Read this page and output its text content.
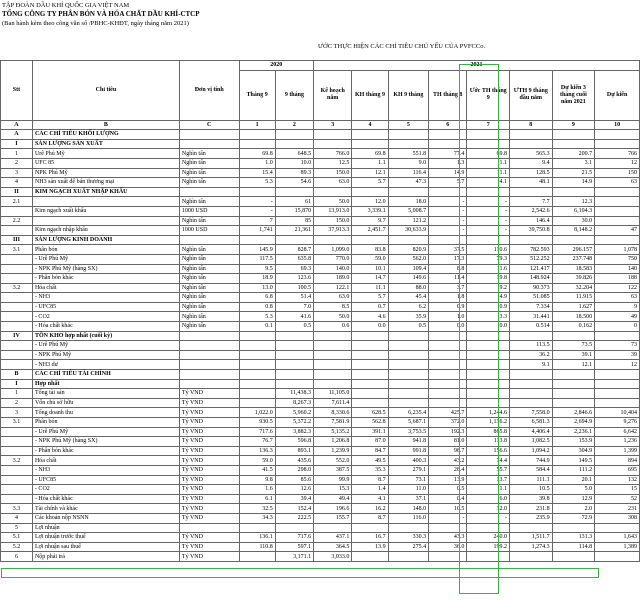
TẬP ĐOÀN DẦU KHÍ QUỐC GIA VIỆT NAM
TỔNG CÔNG TY PHÂN BÓN VÀ HÓA CHẤT DẦU KHÍ-CTCP
(Ban hành kèm theo công văn số /PBHC-KHĐT, ngày tháng năm 2021)
ƯỚC THỰC HIỆN CÁC CHỈ TIÊU CHỦ YẾU CỦA PVFCCo.
Stt	Chỉ tiêu	Đơn vị tính	2020		2021							
			Tháng 9	9 tháng	Kế hoạch năm	KH tháng 9	KH 9 tháng	TH tháng 8	Ước TH tháng 9	ƯTH 9 tháng đầu năm	Dự kiến 3 tháng cuối năm 2021	Dự kiến
A	B	C	1	2	3	4	5	6	7	8	9	10
A	CÁC CHỈ TIÊU KHỐI LƯỢNG											
I	SẢN LƯỢNG SẢN XUẤT											
1	Urê Phú Mỹ	Nghìn tấn	69.8	648.5	766.0	69.8	551.8	77.4	69.8	565.3	200.7	766
2	UFC 85	Nghìn tấn	1.0	10.0	12.5	1.1	9.0	1.3	1.1	9.4	3.1	12
3	NPK Phú Mỹ	Nghìn tấn	15.4	89.3	150.0	12.1	116.4	14.9	11.1	128.5	21.5	150
4	NH3 sản xuất để bán thương mại	Nghìn tấn	5.3	54.6	63.0	5.7	47.3	5.7	4.1	48.1	14.9	63
II	KIM NGẠCH XUẤT NHẬP KHẨU											
2.1		Nghìn tấn	-	61	50.0	12.0	18.0	-	-	7.7	12.3	
	Kim ngạch xuất khẩu	1000 USD	-	15,870	13,913.0	3,339.1	5,008.7	-	-	2,542.6	6,104.3	
2.2		Nghìn tấn	7	85	150.0	9.7	121.2	-	-	146.4	30.0	
	Kim ngạch nhập khẩu	1000 USD	1,741	21,361	37,913.3	2,451.7	30,633.9	-	-	39,750.8	8,148.2	47
III	SẢN LƯỢNG KINH DOANH											
3.1	Phân bón	Nghìn tấn	145.9	828.7	1,099.0	83.8	820.9	37.5	110.6	782.593	296.157	1,078
	- Urê Phú Mỹ	Nghìn tấn	117.5	635.8	770.0	59.0	562.0	17.3	79.3	512.252	237.748	750
	- NPK Phú Mỹ (hàng SX)	Nghìn tấn	9.5	69.3	140.0	10.1	109.4	8.8	11.6	121.417	18.583	140
	- Phân bón khác	Nghìn tấn	18.9	123.6	189.0	14.7	149.6	11.4	19.8	148.924	39.826	188
3.2	Hóa chất	Nghìn tấn	13.0	100.5	122.1	11.1	88.0	3.7	9.2	90.373	32.204	122
	- NH3	Nghìn tấn	6.8	51.4	63.0	5.7	45.4	1.8	4.9	51.085	11.915	63
	- UFC85	Nghìn tấn	0.8	7.0	8.5	0.7	6.2	0.9	0.9	7.334	1.627	9
	- CO2	Nghìn tấn	5.3	41.6	50.0	4.6	35.9	1.0	3.3	31.441	18.500	49
	- Hóa chất khác	Nghìn tấn	0.1	0.5	0.6	0.0	0.5	0.0	0.0	0.514	0.162	0
IV	TỒN KHO hợp nhất (cuối kỳ)											
	- Urê Phú Mỹ									113.5	73.5	73
	- NPK Phú Mỹ									36.2	39.1	39
	- NH3 dư									9.1	12.1	12
B	CÁC CHỈ TIÊU TÀI CHÍNH											
I	Hợp nhất											
1	Tổng tài sản	Tỷ VND		11,438.3	11,105.0							
2	Vốn chủ sở hữu	Tỷ VND		8,267.3	7,611.4							
3	Tổng doanh thu	Tỷ VND	1,022.0	5,960.2	8,330.6	628.5	6,235.4	425.7	1,244.6	7,558.0	2,846.6	10,404
3.1	Phân bón	Tỷ VND	930.5	5,372.2	7,581.9	562.8	5,687.1	372.0	1,136.2	6,581.3	2,694.9	9,276
	- Urê Phú Mỹ	Tỷ VND	717.6	3,882.3	5,135.2	391.1	3,753.5	192.3	865.8	4,406.4	2,236.1	6,642
	- NPK Phú Mỹ (hàng SX)	Tỷ VND	76.7	596.8	1,206.8	87.0	941.8	81.0	113.8	1,082.5	153.9	1,236
	- Phân bón khác	Tỷ VND	136.3	893.1	1,239.9	84.7	991.8	98.7	156.6	1,094.2	304.9	1,399
3.2	Hóa chất	Tỷ VND	59.0	435.6	552.0	49.5	400.3	43.2	74.4	744.9	149.5	894
	- NH3	Tỷ VND	41.5	298.0	387.5	35.3	279.1	28.4	55.7	584.4	111.2	695
	- UFC85	Tỷ VND	9.8	85.6	99.9	8.7	73.1	13.9	13.7	111.1	20.1	132
	- CO2	Tỷ VND	1.6	12.6	15.3	1.4	11.0	0.5	1.1	10.5	5.0	15
	- Hóa chất khác	Tỷ VND	6.1	39.4	49.4	4.1	37.1	0.4	6.0	39.8	12.9	52
3.3	Tài chính và khác	Tỷ VND	32.5	152.4	196.6	16.2	148.0	10.5	32.0	231.8	2.0	231
4	Các khoản nộp NSNN	Tỷ VND	34.3	222.5	155.7	8.7	116.0	-	-	235.9	72.9	308
5	Lợi nhuận											
5.1	Lợi nhuận trước thuế	Tỷ VND	136.1	717.6	437.1	16.7	330.3	43.3	240.0	1,511.7	131.3	1,643
5.2	Lợi nhuận sau thuế	Tỷ VND	110.8	597.1	364.5	13.9	275.4	36.0	199.2	1,274.3	114.8	1,389
6	Nộp phải trả	Tỷ VND		3,171.1	3,033.0							
